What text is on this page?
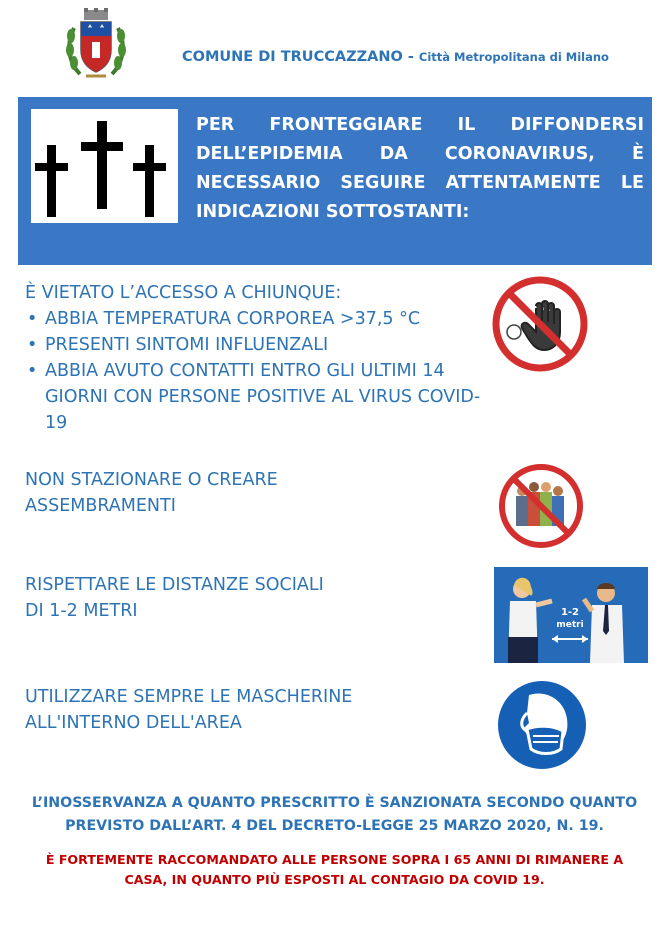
COMUNE DI TRUCCAZZANO - Città Metropolitana di Milano
PER FRONTEGGIARE IL DIFFONDERSI DELL’EPIDEMIA DA CORONAVIRUS, È NECESSARIO SEGUIRE ATTENTAMENTE LE INDICAZIONI SOTTOSTANTI:
È VIETATO L’ACCESSO A CHIUNQUE:
• ABBIA TEMPERATURA CORPOREA >37,5 °C
• PRESENTI SINTOMI INFLUENZALI
• ABBIA AVUTO CONTATTI ENTRO GLI ULTIMI 14 GIORNI CON PERSONE POSITIVE AL VIRUS COVID-19
NON STAZIONARE O CREARE
ASSEMBRAMENTI
RISPETTARE LE DISTANZE SOCIALI
DI 1-2 METRI	1-2
metri
UTILIZZARE SEMPRE LE MASCHERINE
ALL'INTERNO DELL'AREA
L’INOSSERVANZA A QUANTO PRESCRITTO È SANZIONATA SECONDO QUANTO
PREVISTO DALL’ART. 4 DEL DECRETO-LEGGE 25 MARZO 2020, N. 19.
È FORTEMENTE RACCOMANDATO ALLE PERSONE SOPRA I 65 ANNI DI RIMANERE A
CASA, IN QUANTO PIÙ ESPOSTI AL CONTAGIO DA COVID 19.
